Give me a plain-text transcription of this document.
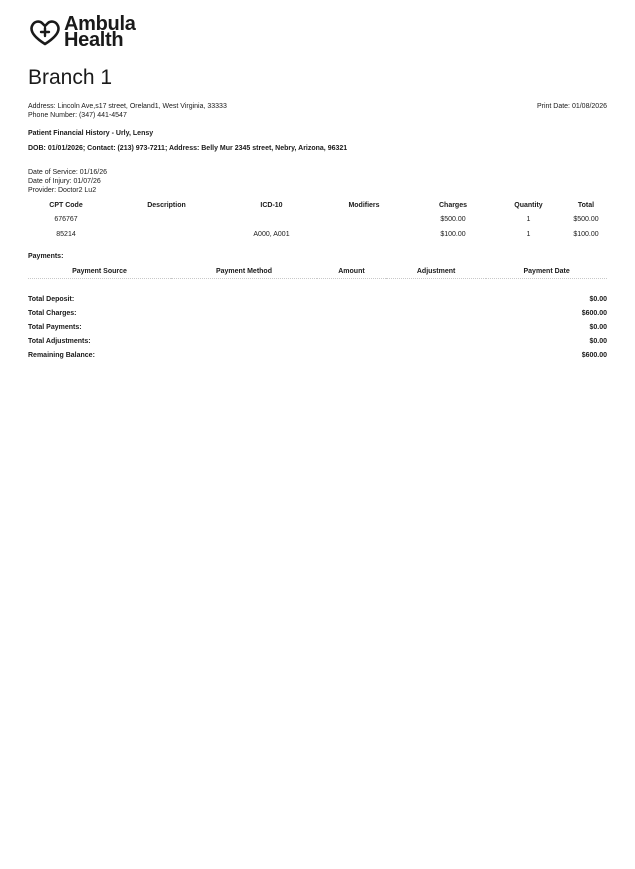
Ambula
Health
Branch 1
Address: Lincoln Ave,s17 street, Oreland1, West Virginia, 33333
Phone Number: (347) 441-4547
Print Date: 01/08/2026
Patient Financial History - Urly, Lensy
DOB: 01/01/2026; Contact: (213) 973-7211; Address: Belly Mur 2345 street, Nebry, Arizona, 96321
Date of Service: 01/16/26
Date of Injury: 01/07/26
Provider: Doctor2 Lu2
CPT Code	Description	ICD-10	Modifiers	Charges	Quantity	Total
676767				$500.00	1	$500.00
85214		A000, A001		$100.00	1	$100.00
Payments:
Payment Source	Payment Method	Amount	Adjustment	Payment Date
Total Deposit:	$0.00
Total Charges:	$600.00
Total Payments:	$0.00
Total Adjustments:	$0.00
Remaining Balance:	$600.00
